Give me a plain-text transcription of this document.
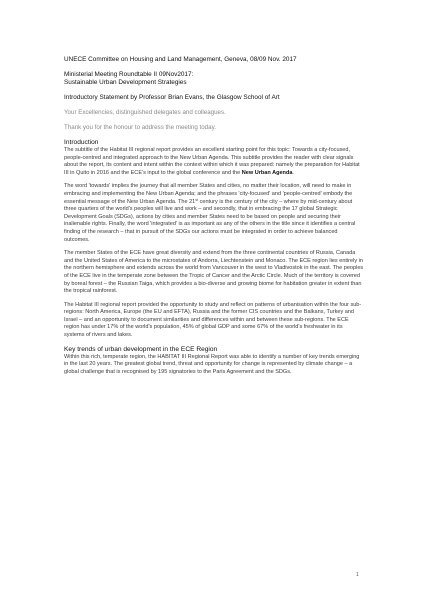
UNECE Committee on Housing and Land Management, Geneva, 08/09 Nov. 2017

Ministerial Meeting Roundtable II 09Nov2017:

Sustainable Urban Development Strategies

Introductory Statement by Professor Brian Evans, the Glasgow School of Art

Your Excellencies, distinguished delegates and colleagues.

Thank you for the honour to address the meeting today.

Introduction

The subtitle of the Habitat III regional report provides an excellent starting point for this topic: Towards a city-focused, people-centred and integrated approach to the New Urban Agenda. This subtitle provides the reader with clear signals about the report, its content and intent within the context within which it was prepared: namely the preparation for Habitat III in Quito in 2016 and the ECE's input to the global conference and the New Urban Agenda.

The word 'towards' implies the journey that all member States and cities, no matter their location, will need to make in embracing and implementing the New Urban Agenda; and the phrases 'city-focused' and 'people-centred' embody the essential message of the New Urban Agenda. The 21st century is the century of the city – where by mid-century about three quarters of the world's peoples will live and work – and secondly, that in embracing the 17 global Strategic Development Goals (SDGs), actions by cities and member States need to be based on people and securing their inalienable rights. Finally, the word 'integrated' is as important as any of the others in the title since it identifies a central finding of the research – that in pursuit of the SDGs our actions must be integrated in order to achieve balanced outcomes.

The member States of the ECE have great diversity and extend from the three continental countries of Russia, Canada and the United States of America to the microstates of Andorra, Liechtenstein and Monaco. The ECE region lies entirely in the northern hemisphere and extends across the world from Vancouver in the west to Vladivostok in the east. The peoples of the ECE live in the temperate zone between the Tropic of Cancer and the Arctic Circle. Much of the territory is covered by boreal forest – the Russian Taiga, which provides a bio-diverse and growing biome for habitation greater in extent than the tropical rainforest.

The Habitat III regional report provided the opportunity to study and reflect on patterns of urbanisation within the four sub-regions: North America, Europe (the EU and EFTA), Russia and the former CIS countries and the Balkans, Turkey and Israel – and an opportunity to document similarities and differences within and between these sub-regions. The ECE region has under 17% of the world's population, 45% of global GDP and some 67% of the world's freshwater in its systems of rivers and lakes.

Key trends of urban development in the ECE Region

Within this rich, temperate region, the HABITAT III Regional Report was able to identify a number of key trends emerging in the last 20 years. The greatest global trend, threat and opportunity for change is represented by climate change – a global challenge that is recognised by 195 signatories to the Paris Agreement and the SDGs.

1
